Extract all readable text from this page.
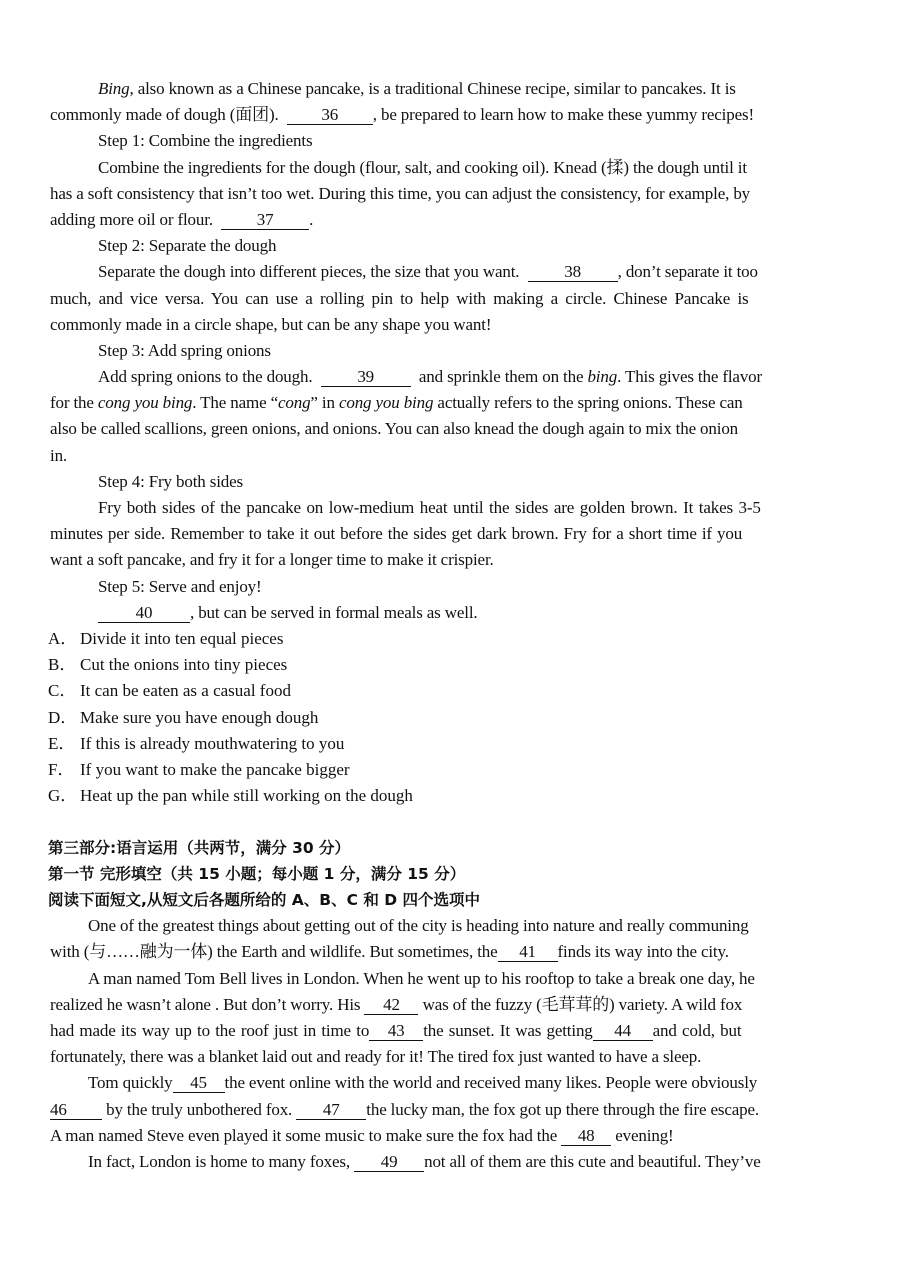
Bing, also known as a Chinese pancake, is a traditional Chinese recipe, similar to pancakes. It is
commonly made of dough (面团).	36 , be prepared to learn how to make these yummy recipes!
Step 1: Combine the ingredients
Combine the ingredients for the dough (flour, salt, and cooking oil). Knead (揉) the dough until it
has a soft consistency that isn’t too wet. During this time, you can adjust the consistency, for example, by
adding more oil or flour.	37 .
Step 2: Separate the dough
Separate the dough into different pieces, the size that you want.	38 , don’t separate it too
much, and vice versa. You can use a rolling pin to help with making a circle. Chinese Pancake is
commonly made in a circle shape, but can be any shape you want!
Step 3: Add spring onions
Add spring onions to the dough.	39	and sprinkle them on the bing. This gives the flavor
for the cong you bing. The name “cong” in cong you bing actually refers to the spring onions. These can
also be called scallions, green onions, and onions. You can also knead the dough again to mix the onion
in.
Step 4: Fry both sides
Fry both sides of the pancake on low-medium heat until the sides are golden brown. It takes 3-5
minutes per side. Remember to take it out before the sides get dark brown. Fry for a short time if you
want a soft pancake, and fry it for a longer time to make it crispier.
Step 5: Serve and enjoy!
40 , but can be served in formal meals as well.
A． Divide it into ten equal pieces
B． Cut the onions into tiny pieces
C． It can be eaten as a casual food
D． Make sure you have enough dough
E． If this is already mouthwatering to you
F． If you want to make the pancake bigger
G． Heat up the pan while still working on the dough
第三部分:语言运用（共两节，满分 30 分）
第一节 完形填空（共 15 小题；每小题 1 分，满分 15 分）
阅读下面短文,从短文后各题所给的 A、B、C 和 D 四个选项中
One of the greatest things about getting out of the city is heading into nature and really communing
with (与……融为一体) the Earth and wildlife. But sometimes, the 41 finds its way into the city.
A man named Tom Bell lives in London. When he went up to his rooftop to take a break one day, he
realized he wasn’t alone . But don’t worry. His 42 was of the fuzzy (毛茸茸的) variety. A wild fox
had made its way up to the roof just in time to 43 the sunset. It was getting 44 and cold, but
fortunately, there was a blanket laid out and ready for it! The tired fox just wanted to have a sleep.
Tom quickly 45 the event online with the world and received many likes. People were obviously
46 by the truly unbothered fox. 47 the lucky man, the fox got up there through the fire escape.
A man named Steve even played it some music to make sure the fox had the 48 evening!
In fact, London is home to many foxes, 49 not all of them are this cute and beautiful. They’ve
